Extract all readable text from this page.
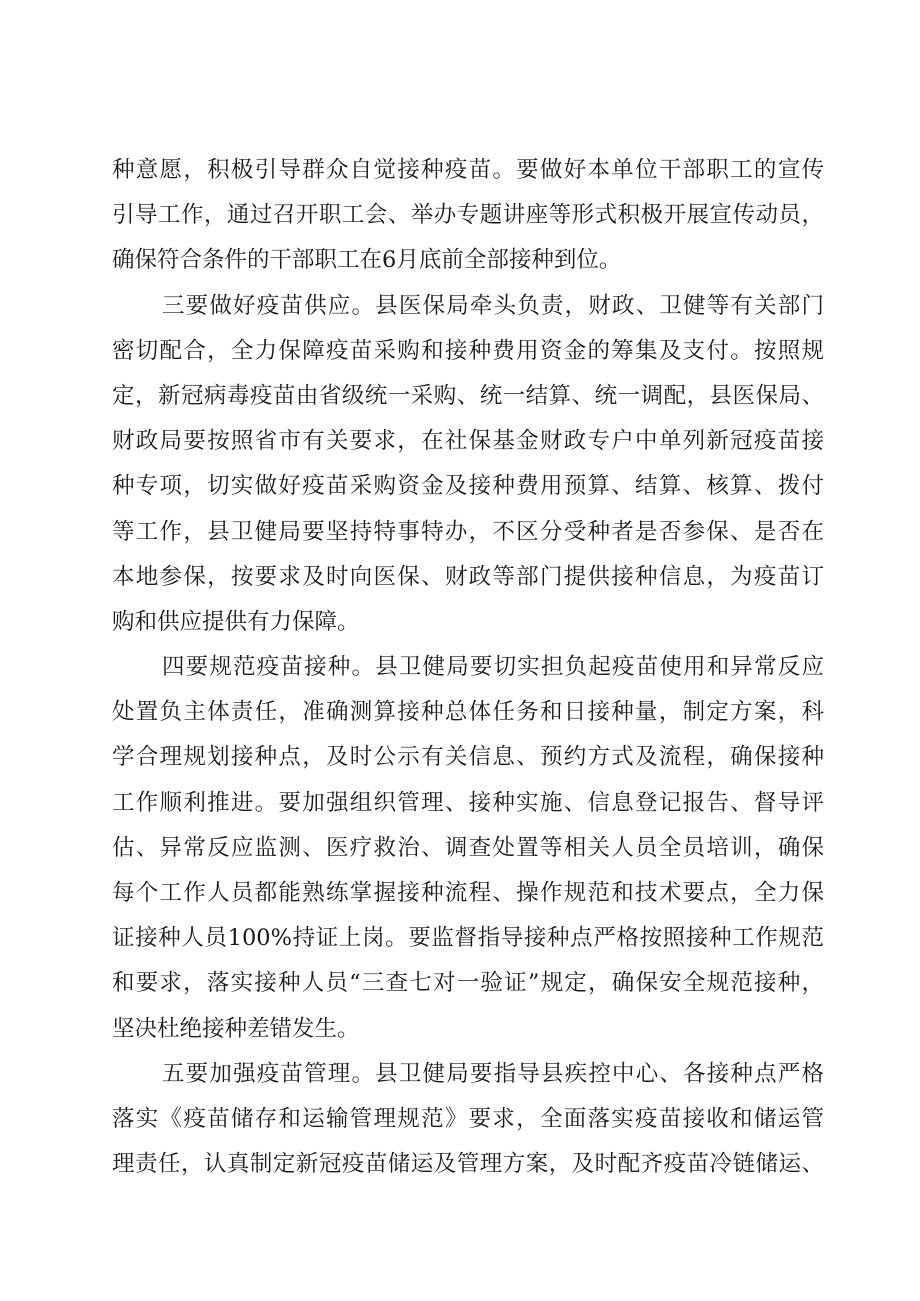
种意愿，积极引导群众自觉接种疫苗。要做好本单位干部职工的宣传
引导工作，通过召开职工会、举办专题讲座等形式积极开展宣传动员，
确保符合条件的干部职工在6月底前全部接种到位。
三要做好疫苗供应。县医保局牵头负责，财政、卫健等有关部门
密切配合，全力保障疫苗采购和接种费用资金的筹集及支付。按照规
定，新冠病毒疫苗由省级统一采购、统一结算、统一调配，县医保局、
财政局要按照省市有关要求，在社保基金财政专户中单列新冠疫苗接
种专项，切实做好疫苗采购资金及接种费用预算、结算、核算、拨付
等工作，县卫健局要坚持特事特办，不区分受种者是否参保、是否在
本地参保，按要求及时向医保、财政等部门提供接种信息，为疫苗订
购和供应提供有力保障。
四要规范疫苗接种。县卫健局要切实担负起疫苗使用和异常反应
处置负主体责任，准确测算接种总体任务和日接种量，制定方案，科
学合理规划接种点，及时公示有关信息、预约方式及流程，确保接种
工作顺利推进。要加强组织管理、接种实施、信息登记报告、督导评
估、异常反应监测、医疗救治、调查处置等相关人员全员培训，确保
每个工作人员都能熟练掌握接种流程、操作规范和技术要点，全力保
证接种人员100%持证上岗。要监督指导接种点严格按照接种工作规范
和要求，落实接种人员“三查七对一验证”规定，确保安全规范接种，
坚决杜绝接种差错发生。
五要加强疫苗管理。县卫健局要指导县疾控中心、各接种点严格
落实《疫苗储存和运输管理规范》要求，全面落实疫苗接收和储运管
理责任，认真制定新冠疫苗储运及管理方案，及时配齐疫苗冷链储运、
